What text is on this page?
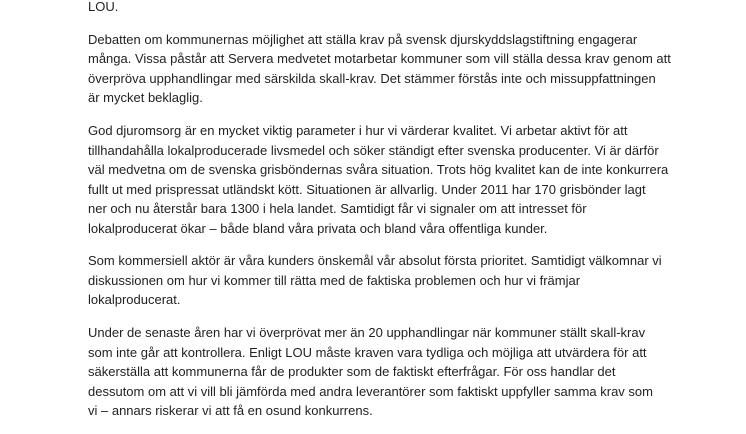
LOU.

Debatten om kommunernas möjlighet att ställa krav på svensk djurskyddslagstiftning engagerar
många. Vissa påstår att Servera medvetet motarbetar kommuner som vill ställa dessa krav genom att
överpröva upphandlingar med särskilda skall-krav. Det stämmer förstås inte och missuppfattningen
är mycket beklaglig.

God djuromsorg är en mycket viktig parameter i hur vi värderar kvalitet. Vi arbetar aktivt för att
tillhandahålla lokalproducerade livsmedel och söker ständigt efter svenska producenter. Vi är därför
väl medvetna om de svenska grisböndernas svåra situation. Trots hög kvalitet kan de inte konkurrera
fullt ut med prispressat utländskt kött. Situationen är allvarlig. Under 2011 har 170 grisbönder lagt
ner och nu återstår bara 1300 i hela landet. Samtidigt får vi signaler om att intresset för
lokalproducerat ökar – både bland våra privata och bland våra offentliga kunder.

Som kommersiell aktör är våra kunders önskemål vår absolut första prioritet. Samtidigt välkomnar vi
diskussionen om hur vi kommer till rätta med de faktiska problemen och hur vi främjar
lokalproducerat.

Under de senaste åren har vi överprövat mer än 20 upphandlingar när kommuner ställt skall-krav
som inte går att kontrollera. Enligt LOU måste kraven vara tydliga och möjliga att utvärdera för att
säkerställa att kommunerna får de produkter som de faktiskt efterfrågar. För oss handlar det
dessutom om att vi vill bli jämförda med andra leverantörer som faktiskt uppfyller samma krav som
vi – annars riskerar vi att få en osund konkurrens.
